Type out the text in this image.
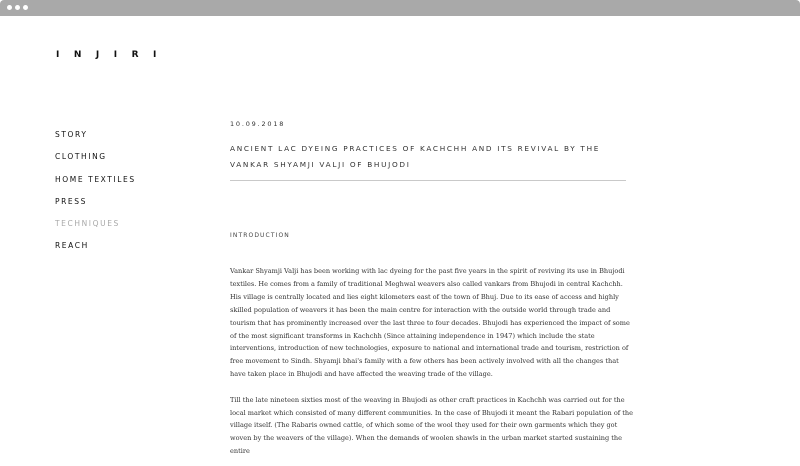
INJIRI
STORY
CLOTHING
HOME TEXTILES
PRESS
TECHNIQUES
REACH
10.09.2018
ANCIENT LAC DYEING PRACTICES OF KACHCHH AND ITS REVIVAL BY THE VANKAR SHYAMJI VALJI OF BHUJODI
INTRODUCTION

Vankar Shyamji Valji has been working with lac dyeing for the past five years in the spirit of reviving its use in Bhujodi textiles. He comes from a family of traditional Meghwal weavers also called vankars from Bhujodi in central Kachchh. His village is centrally located and lies eight kilometers east of the town of Bhuj. Due to its ease of access and highly skilled population of weavers it has been the main centre for interaction with the outside world through trade and tourism that has prominently increased over the last three to four decades. Bhujodi has experienced the impact of some of the most significant transforms in Kachchh (Since attaining independence in 1947) which include the state interventions, introduction of new technologies, exposure to national and international trade and tourism, restriction of free movement to Sindh. Shyamji bhai's family with a few others has been actively involved with all the changes that have taken place in Bhujodi and have affected the weaving trade of the village.

Till the late nineteen sixties most of the weaving in Bhujodi as other craft practices in Kachchh was carried out for the local market which consisted of many different communities. In the case of Bhujodi it meant the Rabari population of the village itself. (The Rabaris owned cattle, of which some of the wool they used for their own garments which they got woven by the weavers of the village). When the demands of woolen shawls in the urban market started sustaining the entire
